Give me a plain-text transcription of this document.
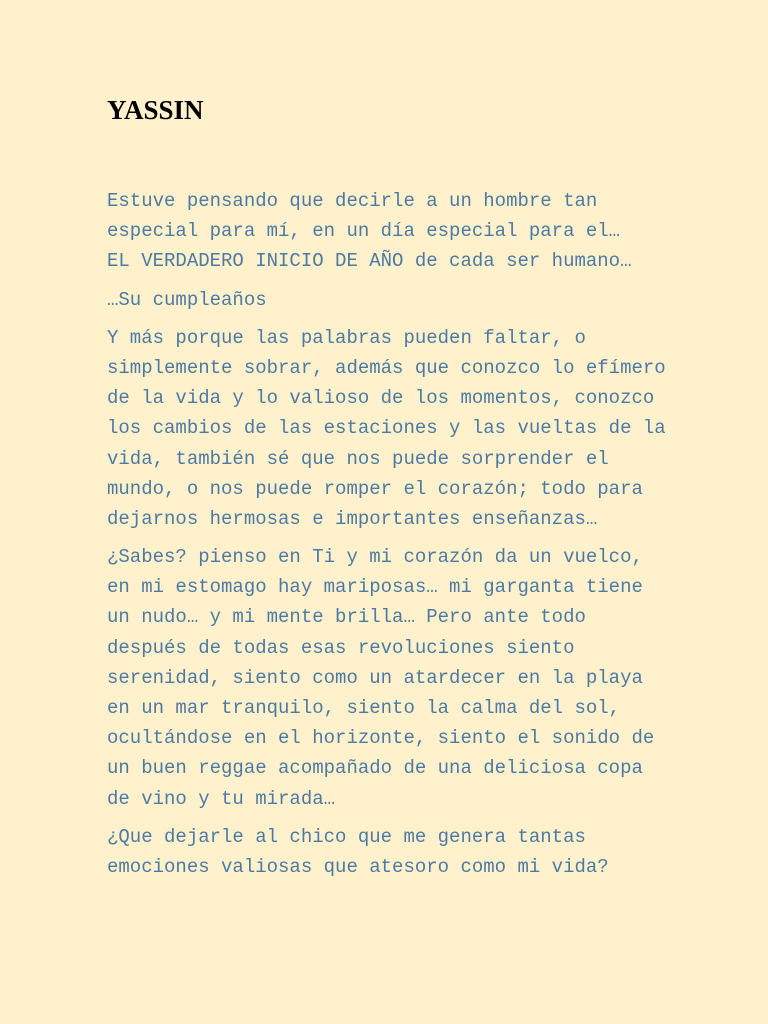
YASSIN

Estuve pensando que decirle a un hombre tan
especial para mí, en un día especial para el…
EL VERDADERO INICIO DE AÑO de cada ser humano…

…Su cumpleaños

Y más porque las palabras pueden faltar, o
simplemente sobrar, además que conozco lo efímero
de la vida y lo valioso de los momentos, conozco
los cambios de las estaciones y las vueltas de la
vida, también sé que nos puede sorprender el
mundo, o nos puede romper el corazón; todo para
dejarnos hermosas e importantes enseñanzas…

¿Sabes? pienso en Ti y mi corazón da un vuelco,
en mi estomago hay mariposas… mi garganta tiene
un nudo… y mi mente brilla… Pero ante todo
después de todas esas revoluciones siento
serenidad, siento como un atardecer en la playa
en un mar tranquilo, siento la calma del sol,
ocultándose en el horizonte, siento el sonido de
un buen reggae acompañado de una deliciosa copa
de vino y tu mirada…

¿Que dejarle al chico que me genera tantas
emociones valiosas que atesoro como mi vida?
